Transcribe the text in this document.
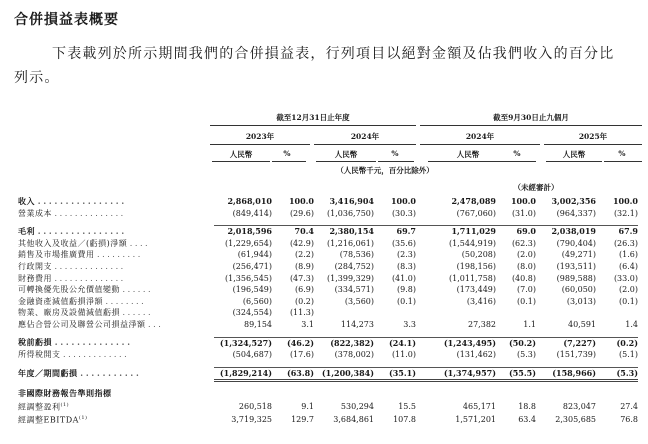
合併損益表概要
下表載列於所示期間我們的合併損益表，行列項目以絕對金額及佔我們收入的百分比
列示。
截至12月31日止年度	截至9月30日止九個月
2023年	2024年	2024年	2025年
人民幣	%	人民幣	%	人民幣	%	人民幣	%
（人民幣千元，百分比除外）
（未經審計）
收入 . . . . . . . . . . . . . . . .	2,868,010	100.0	3,416,904	100.0	2,478,089	100.0	3,002,356	100.0
營業成本 . . . . . . . . . . . . . .	(849,414)	(29.6)	(1,036,750)	(30.3)	(767,060)	(31.0)	(964,337)	(32.1)

毛利 . . . . . . . . . . . . . . . .	2,018,596	70.4	2,380,154	69.7	1,711,029	69.0	2,038,019	67.9
其他收入及收益／(虧損)淨額 . . . .	(1,229,654)	(42.9)	(1,216,061)	(35.6)	(1,544,919)	(62.3)	(790,404)	(26.3)
銷售及市場推廣費用 . . . . . . . . .	(61,944)	(2.2)	(78,536)	(2.3)	(50,208)	(2.0)	(49,271)	(1.6)
行政開支 . . . . . . . . . . . . . .	(256,471)	(8.9)	(284,752)	(8.3)	(198,156)	(8.0)	(193,511)	(6.4)
財務費用 . . . . . . . . . . . . . .	(1,356,545)	(47.3)	(1,399,329)	(41.0)	(1,011,758)	(40.8)	(989,588)	(33.0)
可轉換優先股公允價值變動 . . . . . .	(196,549)	(6.9)	(334,571)	(9.8)	(173,449)	(7.0)	(60,050)	(2.0)
金融資產減值虧損淨額 . . . . . . . .	(6,560)	(0.2)	(3,560)	(0.1)	(3,416)	(0.1)	(3,013)	(0.1)
物業、廠房及設備減值虧損 . . . . . .	(324,554)	(11.3)						
應佔合營公司及聯營公司損益淨額 . . .	89,154	3.1	114,273	3.3	27,382	1.1	40,591	1.4

稅前虧損 . . . . . . . . . . . . . .	(1,324,527)	(46.2)	(822,382)	(24.1)	(1,243,495)	(50.2)	(7,227)	(0.2)
所得稅開支 . . . . . . . . . . . . .	(504,687)	(17.6)	(378,002)	(11.0)	(131,462)	(5.3)	(151,739)	(5.1)

年度／期間虧損 . . . . . . . . . . .	(1,829,214)	(63.8)	(1,200,384)	(35.1)	(1,374,957)	(55.5)	(158,966)	(5.3)

非國際財務報告準則指標								
經調整盈利$^{(1)}$	260,518	9.1	530,294	15.5	465,171	18.8	823,047	27.4
經調整EBITDA$^{(1)}$	3,719,325	129.7	3,684,861	107.8	1,571,201	63.4	2,305,685	76.8
